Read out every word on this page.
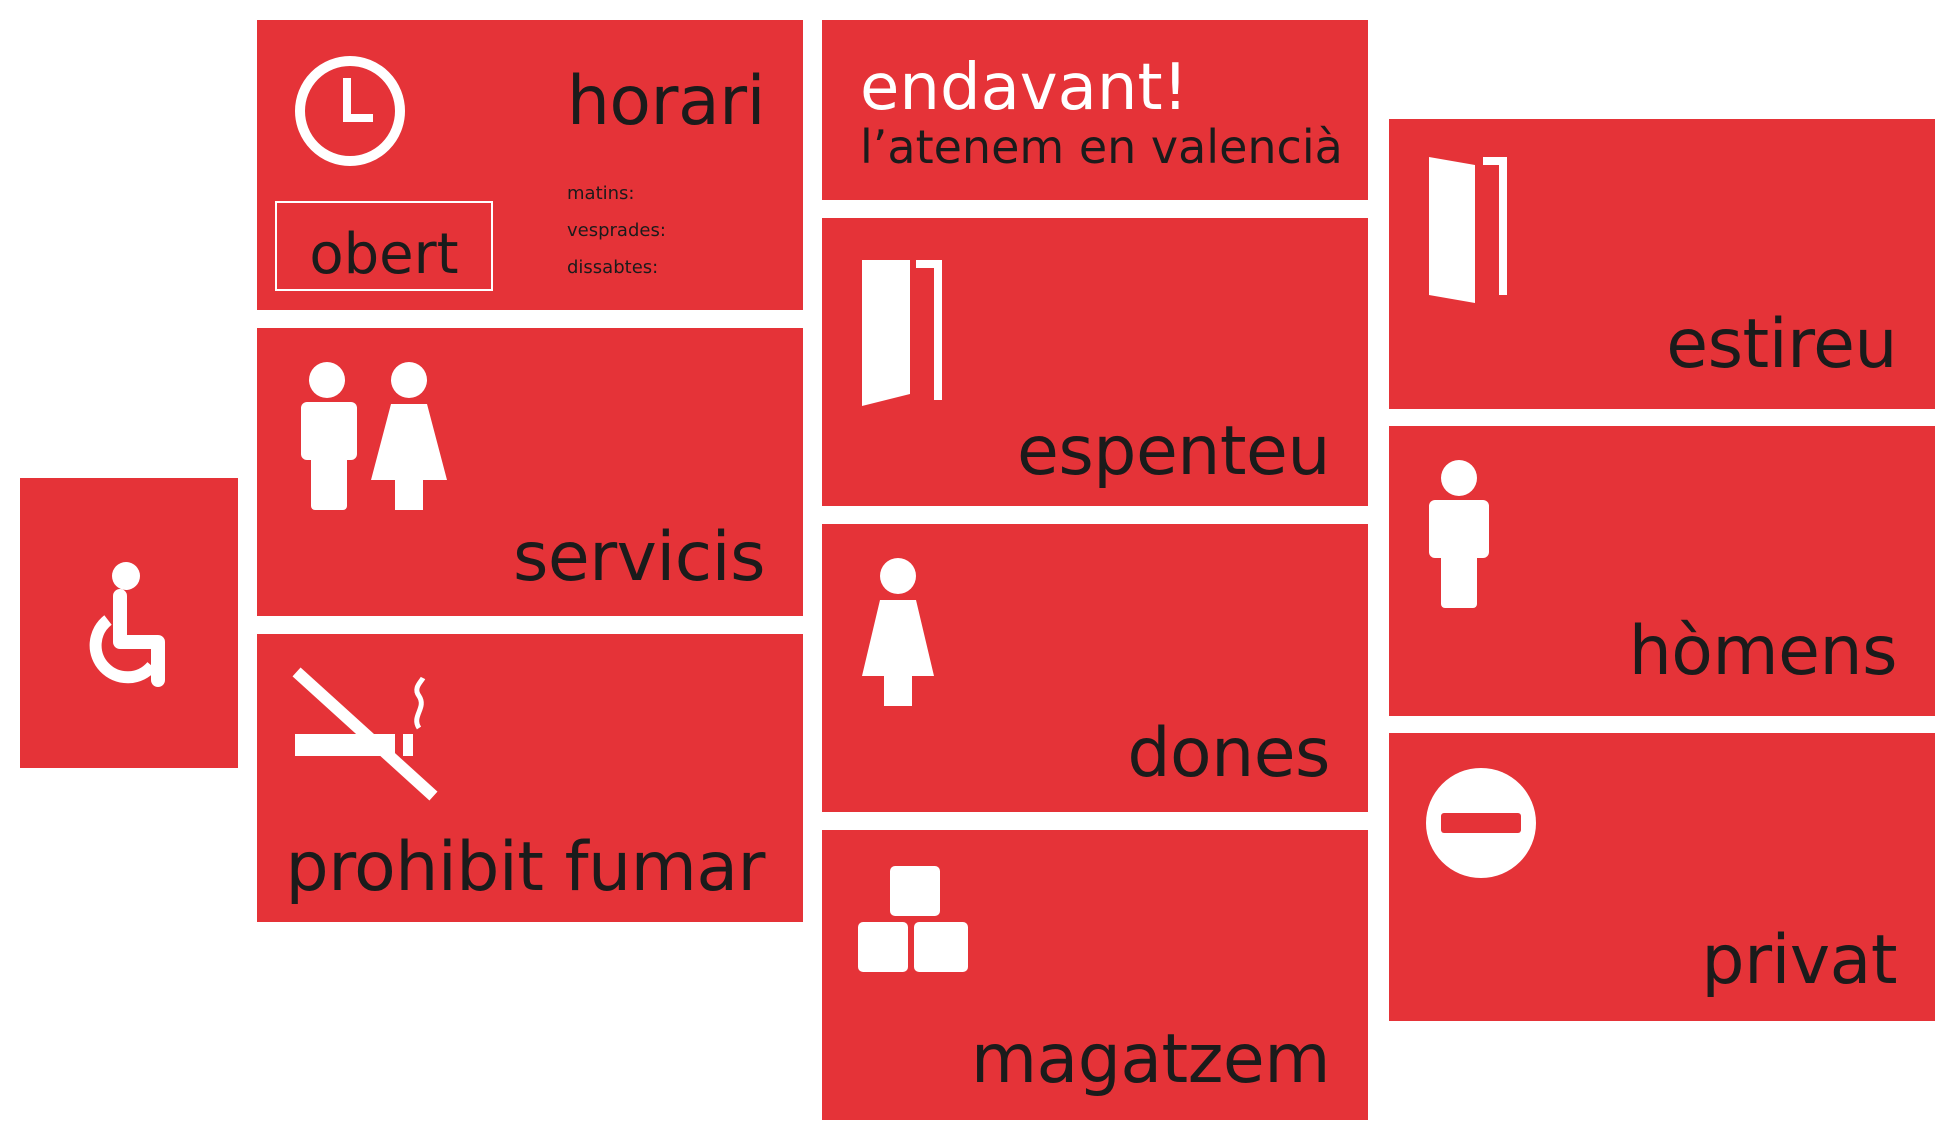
horari
obert
matins:
vesprades:
dissabtes:
servicis
prohibit fumar
endavant!
l’atenem en valencià
espenteu
dones
magatzem
estireu
hòmens
privat
